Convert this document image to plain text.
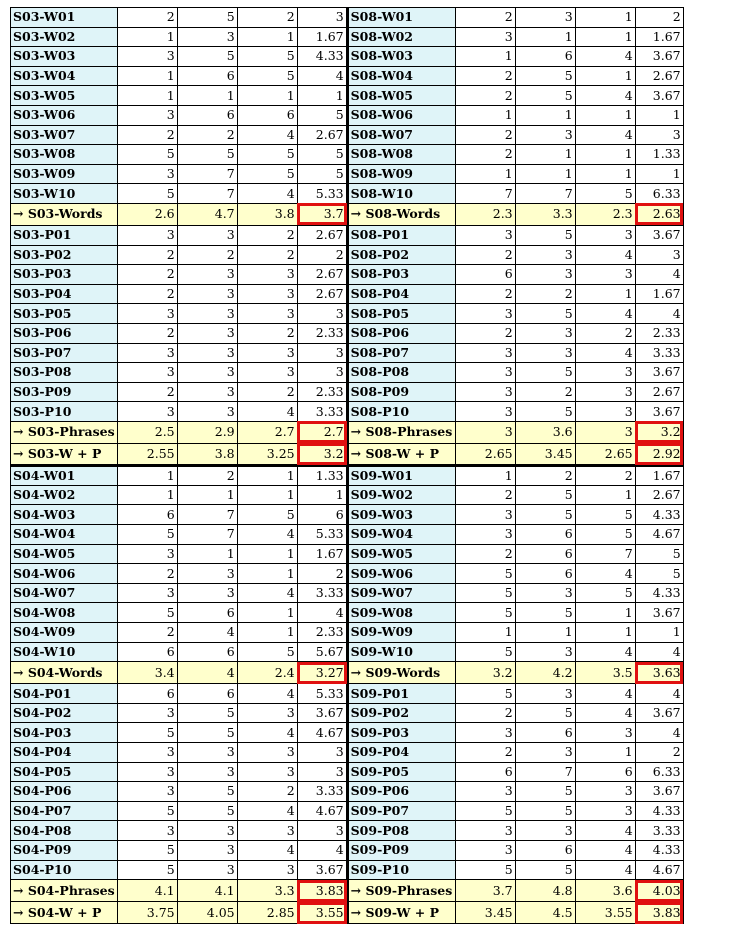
S03-W01	2	5	2	3	S08-W01	2	3	1	2
S03-W02	1	3	1	1.67	S08-W02	3	1	1	1.67
S03-W03	3	5	5	4.33	S08-W03	1	6	4	3.67
S03-W04	1	6	5	4	S08-W04	2	5	1	2.67
S03-W05	1	1	1	1	S08-W05	2	5	4	3.67
S03-W06	3	6	6	5	S08-W06	1	1	1	1
S03-W07	2	2	4	2.67	S08-W07	2	3	4	3
S03-W08	5	5	5	5	S08-W08	2	1	1	1.33
S03-W09	3	7	5	5	S08-W09	1	1	1	1
S03-W10	5	7	4	5.33	S08-W10	7	7	5	6.33
→ S03-Words	2.6	4.7	3.8	3.7	→ S08-Words	2.3	3.3	2.3	2.63
S03-P01	3	3	2	2.67	S08-P01	3	5	3	3.67
S03-P02	2	2	2	2	S08-P02	2	3	4	3
S03-P03	2	3	3	2.67	S08-P03	6	3	3	4
S03-P04	2	3	3	2.67	S08-P04	2	2	1	1.67
S03-P05	3	3	3	3	S08-P05	3	5	4	4
S03-P06	2	3	2	2.33	S08-P06	2	3	2	2.33
S03-P07	3	3	3	3	S08-P07	3	3	4	3.33
S03-P08	3	3	3	3	S08-P08	3	5	3	3.67
S03-P09	2	3	2	2.33	S08-P09	3	2	3	2.67
S03-P10	3	3	4	3.33	S08-P10	3	5	3	3.67
→ S03-Phrases	2.5	2.9	2.7	2.7	→ S08-Phrases	3	3.6	3	3.2
→ S03-W + P	2.55	3.8	3.25	3.2	→ S08-W + P	2.65	3.45	2.65	2.92
S04-W01	1	2	1	1.33	S09-W01	1	2	2	1.67
S04-W02	1	1	1	1	S09-W02	2	5	1	2.67
S04-W03	6	7	5	6	S09-W03	3	5	5	4.33
S04-W04	5	7	4	5.33	S09-W04	3	6	5	4.67
S04-W05	3	1	1	1.67	S09-W05	2	6	7	5
S04-W06	2	3	1	2	S09-W06	5	6	4	5
S04-W07	3	3	4	3.33	S09-W07	5	3	5	4.33
S04-W08	5	6	1	4	S09-W08	5	5	1	3.67
S04-W09	2	4	1	2.33	S09-W09	1	1	1	1
S04-W10	6	6	5	5.67	S09-W10	5	3	4	4
→ S04-Words	3.4	4	2.4	3.27	→ S09-Words	3.2	4.2	3.5	3.63
S04-P01	6	6	4	5.33	S09-P01	5	3	4	4
S04-P02	3	5	3	3.67	S09-P02	2	5	4	3.67
S04-P03	5	5	4	4.67	S09-P03	3	6	3	4
S04-P04	3	3	3	3	S09-P04	2	3	1	2
S04-P05	3	3	3	3	S09-P05	6	7	6	6.33
S04-P06	3	5	2	3.33	S09-P06	3	5	3	3.67
S04-P07	5	5	4	4.67	S09-P07	5	5	3	4.33
S04-P08	3	3	3	3	S09-P08	3	3	4	3.33
S04-P09	5	3	4	4	S09-P09	3	6	4	4.33
S04-P10	5	3	3	3.67	S09-P10	5	5	4	4.67
→ S04-Phrases	4.1	4.1	3.3	3.83	→ S09-Phrases	3.7	4.8	3.6	4.03
→ S04-W + P	3.75	4.05	2.85	3.55	→ S09-W + P	3.45	4.5	3.55	3.83
